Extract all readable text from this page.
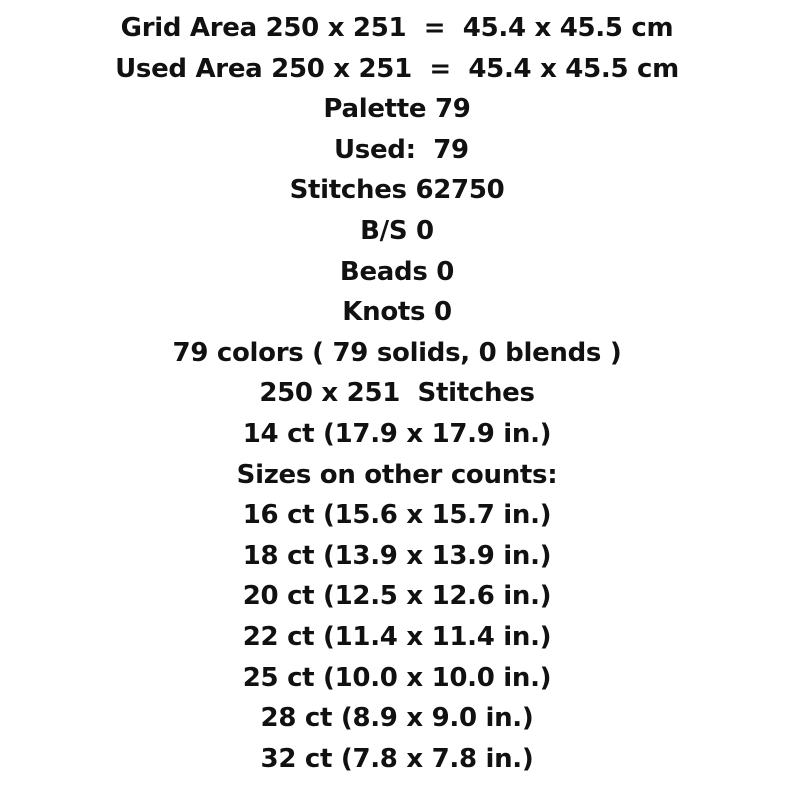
Grid Area 250 x 251  =  45.4 x 45.5 cm
Used Area 250 x 251  =  45.4 x 45.5 cm
Palette 79
Used:  79
Stitches 62750
B/S 0
Beads 0
Knots 0
79 colors ( 79 solids, 0 blends )
250 x 251  Stitches
14 ct (17.9 x 17.9 in.)
Sizes on other counts:
16 ct (15.6 x 15.7 in.)
18 ct (13.9 x 13.9 in.)
20 ct (12.5 x 12.6 in.)
22 ct (11.4 x 11.4 in.)
25 ct (10.0 x 10.0 in.)
28 ct (8.9 x 9.0 in.)
32 ct (7.8 x 7.8 in.)
